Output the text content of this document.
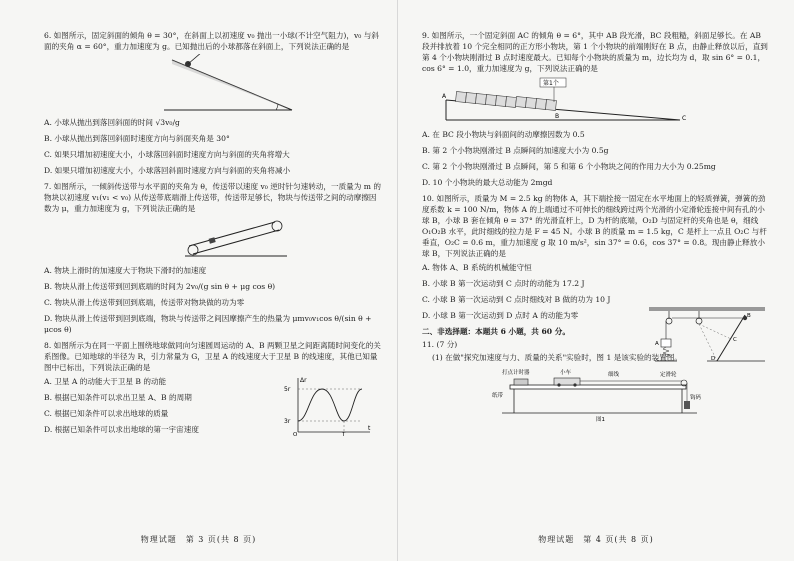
6. 如图所示，固定斜面的倾角 θ = 30°，在斜面上以初速度 v₀ 抛出一小球(不计空气阻力)，v₀ 与斜面的夹角 α = 60°，重力加速度为 g。已知抛出后的小球都落在斜面上，下列说法正确的是

A. 小球从抛出到落回斜面的时间 √3v₀/g
B. 小球从抛出到落回斜面时速度方向与斜面夹角是 30°
C. 如果只增加初速度大小，小球落回斜面时速度方向与斜面的夹角将增大
D. 如果只增加初速度大小，小球落回斜面时速度方向与斜面的夹角将减小

7. 如图所示，一倾斜传送带与水平面的夹角为 θ，传送带以速度 v₀ 逆时针匀速转动，一质量为 m 的物块以初速度 v₁(v₁ < v₀) 从传送带底端滑上传送带，传送带足够长，物块与传送带之间的动摩擦因数为 μ，重力加速度为 g，下列说法正确的是

A. 物块上滑时的加速度大于物块下滑时的加速度
B. 物块从滑上传送带到回到底端的时间为 2v₀/(g sin θ + μg cos θ)
C. 物块从滑上传送带到回到底端，传送带对物块做的功为零
D. 物块从滑上传送带到回到底端，物块与传送带之间因摩擦产生的热量为 μmv₀v₁cos θ/(sin θ + μcos θ)

8. 如图所示为在同一平面上围绕地球做同向匀速圆周运动的 A、B 两颗卫星之间距离随时间变化的关系图像。已知地球的半径为 R，引力常量为 G，卫星 A 的线速度大于卫星 B 的线速度，其他已知量图中已标出，下列说法正确的是

A. 卫星 A 的动能大于卫星 B 的动能
B. 根据已知条件可以求出卫星 A、B 的周期
C. 根据已知条件可以求出地球的质量
D. 根据已知条件可以求出地球的第一宇宙速度
Δr
5r
3r
t
T
O
物理试题　第 3 页(共 8 页)

9. 如图所示，一个固定斜面 AC 的倾角 θ = 6°，其中 AB 段光滑，BC 段粗糙，斜面足够长。在 AB 段并排放着 10 个完全相同的正方形小物块，第 1 个小物块的前端刚好在 B 点，由静止释放以后，直到第 4 个小物块刚滑过 B 点时速度最大。已知每个小物块的质量为 m，边长均为 d，取 sin 6° = 0.1，cos 6° = 1.0，重力加速度为 g，下列说法正确的是

第1个
A
B	C
A. 在 BC 段小物块与斜面间的动摩擦因数为 0.5
B. 第 2 个小物块刚滑过 B 点瞬间的加速度大小为 0.5g
C. 第 2 个小物块刚滑过 B 点瞬间，第 5 和第 6 个小物块之间的作用力大小为 0.25mg
D. 10 个小物块的最大总动能为 2mgd

10. 如图所示，质量为 M = 2.5 kg 的物体 A，其下端拴接一固定在水平地面上的轻质弹簧，弹簧的劲度系数 k = 100 N/m，物体 A 的上端通过不可伸长的细线跨过两个光滑的小定滑轮连接中间有孔的小球 B，小球 B 套在倾角 θ = 37° 的光滑直杆上，D 为杆的底端，O₂D 与固定杆的夹角也是 θ，细线 O₁O₂B 水平，此时细线的拉力是 F = 45 N。小球 B 的质量 m = 1.5 kg，C 是杆上一点且 O₂C 与杆垂直，O₂C = 0.6 m，重力加速度 g 取 10 m/s²，sin 37° = 0.6，cos 37° = 0.8。现由静止释放小球 B，下列说法正确的是

A. 物体 A、B 系统的机械能守恒
B. 小球 B 第一次运动到 C 点时的动能为 17.2 J
C. 小球 B 第一次运动到 C 点时细线对 B 做的功为 10 J
D. 小球 B 第一次运动到 D 点时 A 的动能为零	B
C
D
A
二、非选择题：本题共 6 小题，共 60 分。
11. (7 分)
(1) 在做"探究加速度与力、质量的关系"实验时，图 1 是该实验的装置图。
打点计时器	小车	细线	定滑轮
纸带	钩码
图1
物理试题　第 4 页(共 8 页)
